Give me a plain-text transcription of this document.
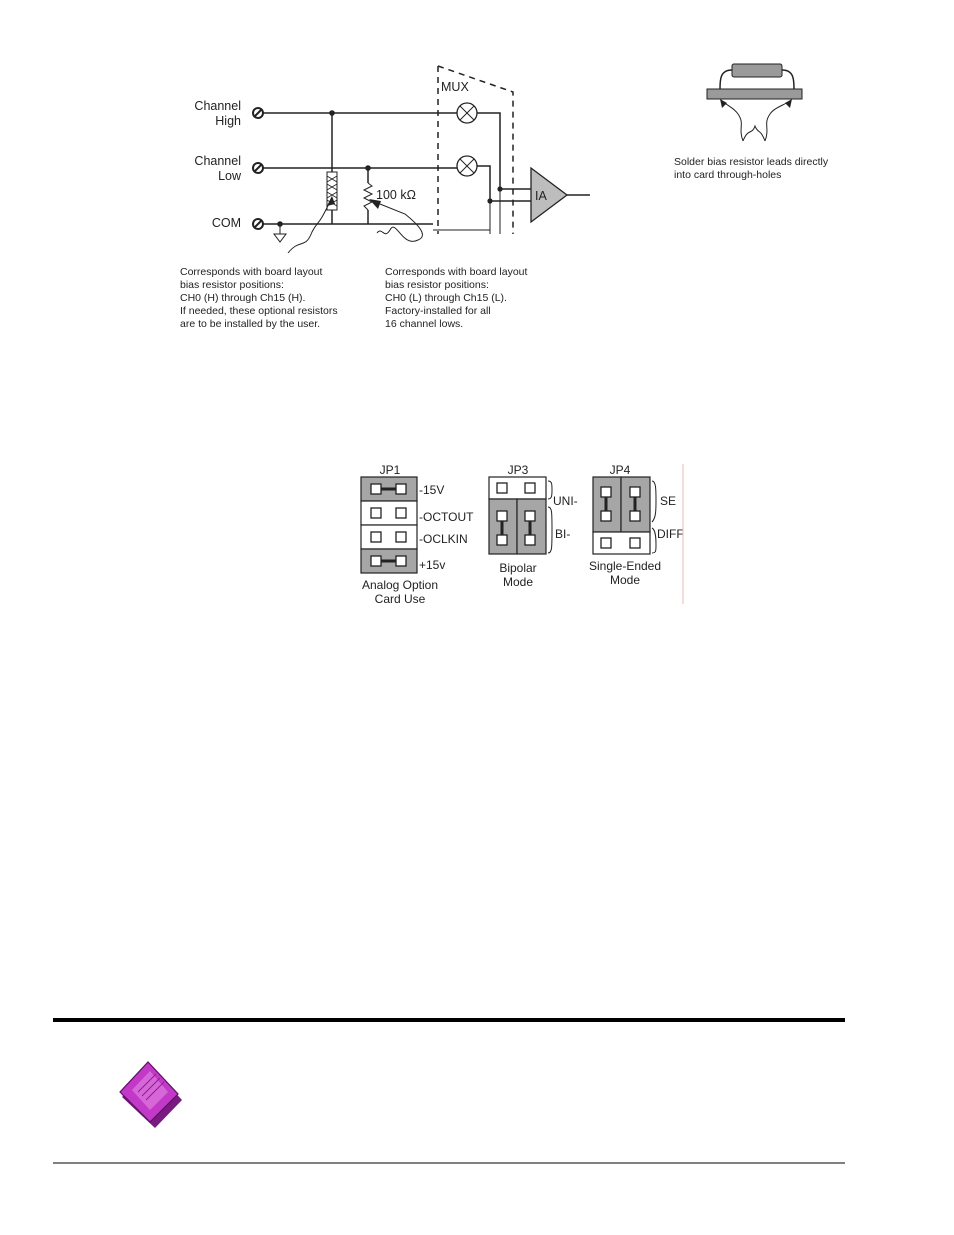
Channel
High
Channel
Low
COM
100 kΩ
MUX
IA
Corresponds with board layout
bias resistor positions:
CH0 (H) through Ch15 (H).
If needed, these optional resistors
are to be installed by the user.
Corresponds with board layout
bias resistor positions:
CH0 (L) through Ch15 (L).
Factory-installed for all
16 channel lows.
Solder bias resistor leads directly
into card through-holes
JP1
-15V
-OCTOUT
-OCLKIN
+15v
Analog Option
Card Use
JP3
UNI-
BI-
Bipolar
Mode
JP4
SE
DIFF
Single-Ended
Mode
